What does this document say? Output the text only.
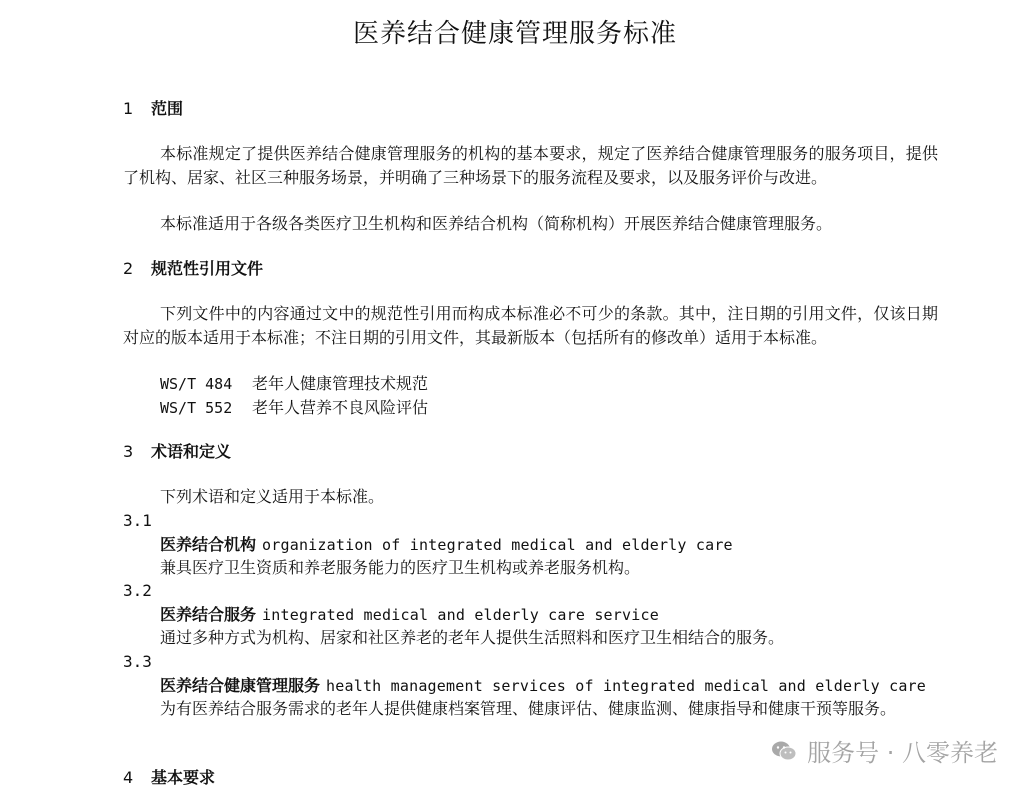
医养结合健康管理服务标准
1 范围
本标准规定了提供医养结合健康管理服务的机构的基本要求，规定了医养结合健康管理服务的服务项目，提供了机构、居家、社区三种服务场景，并明确了三种场景下的服务流程及要求，以及服务评价与改进。
本标准适用于各级各类医疗卫生机构和医养结合机构（简称机构）开展医养结合健康管理服务。
2 规范性引用文件
下列文件中的内容通过文中的规范性引用而构成本标准必不可少的条款。其中，注日期的引用文件，仅该日期对应的版本适用于本标准；不注日期的引用文件，其最新版本（包括所有的修改单）适用于本标准。
WS/T 484 老年人健康管理技术规范
WS/T 552 老年人营养不良风险评估
3 术语和定义
下列术语和定义适用于本标准。
3.1
医养结合机构 organization of integrated medical and elderly care
兼具医疗卫生资质和养老服务能力的医疗卫生机构或养老服务机构。
3.2
医养结合服务 integrated medical and elderly care service
通过多种方式为机构、居家和社区养老的老年人提供生活照料和医疗卫生相结合的服务。
3.3
医养结合健康管理服务 health management services of integrated medical and elderly care
为有医养结合服务需求的老年人提供健康档案管理、健康评估、健康监测、健康指导和健康干预等服务。
4 基本要求
服务号 · 八零养老
